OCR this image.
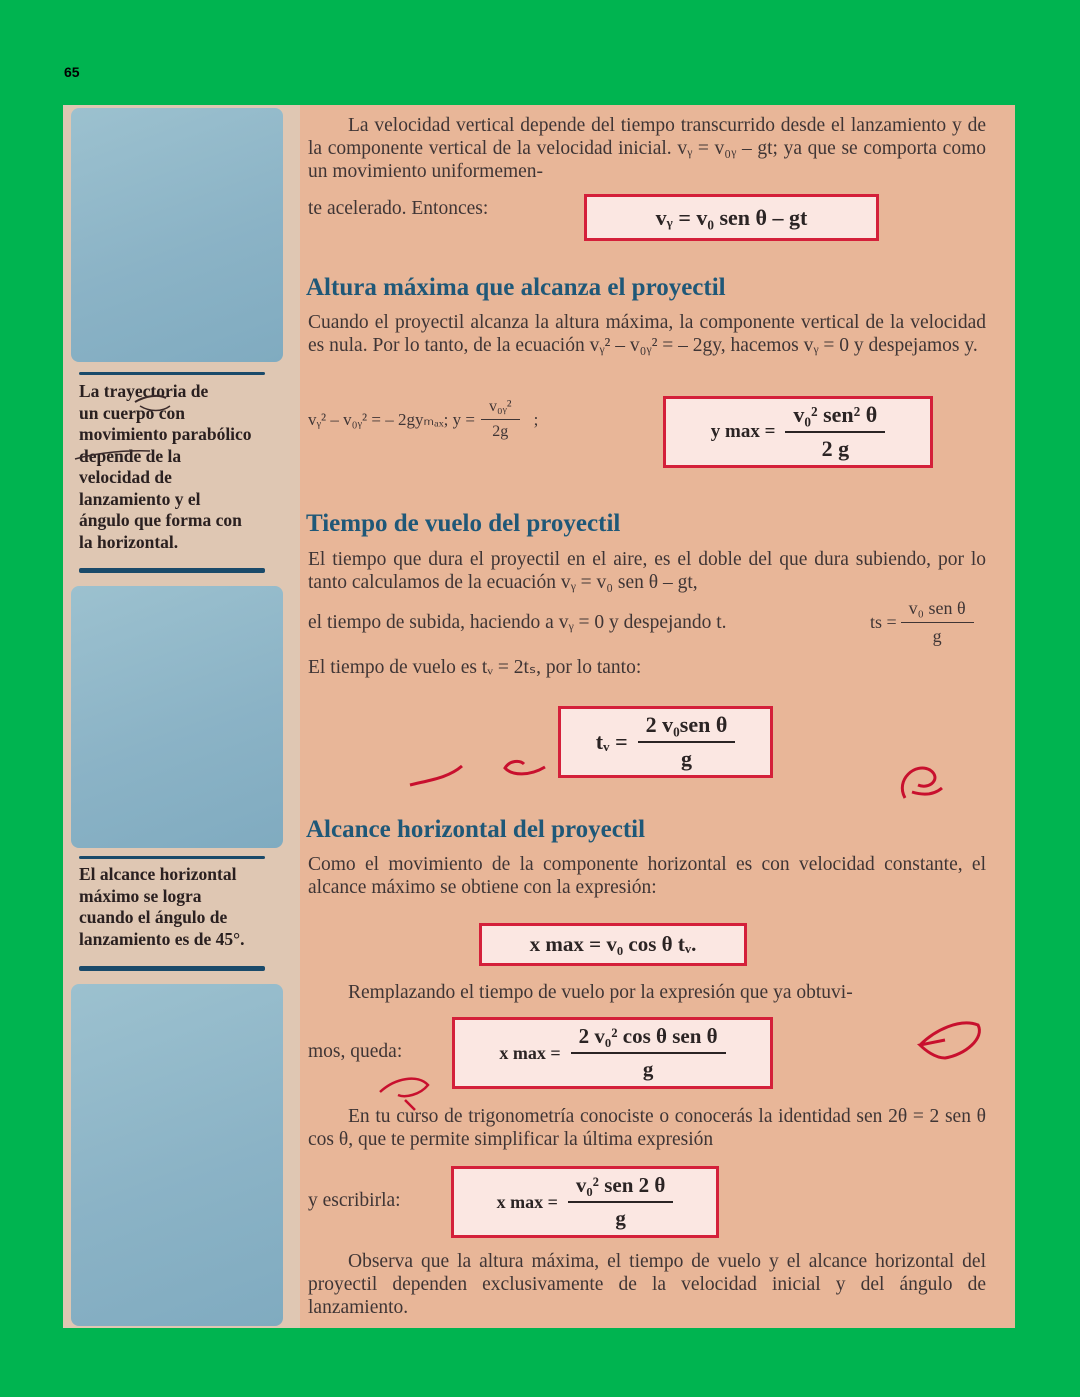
65
La trayectoria de
un cuerpo con
movimiento parabólico
depende de la
velocidad de
lanzamiento y el
ángulo que forma con
la horizontal.
El alcance horizontal
máximo se logra
cuando el ángulo de
lanzamiento es de 45°.
La velocidad vertical depende del tiempo transcurrido desde el lanzamiento y de la componente vertical de la velocidad inicial. vᵧ = v₀ᵧ – gt; ya que se comporta como un movimiento uniformemen-
te acelerado. Entonces:	vᵧ = v₀ sen θ – gt
Altura máxima que alcanza el proyectil
Cuando el proyectil alcanza la altura máxima, la componente vertical de la velocidad es nula. Por lo tanto, de la ecuación vᵧ² – v₀ᵧ² = – 2gy, hacemos vᵧ = 0 y despejamos y.
vᵧ² – v₀ᵧ² = – 2gyₘₐₓ; $y = \frac{\text{v₀ᵧ²}}{2g}$ ;
y $\max = \frac{\text{v₀² sen² θ}}{2 g}$
Tiempo de vuelo del proyectil
El tiempo que dura el proyectil en el aire, es el doble del que dura subiendo, por lo tanto calculamos de la ecuación vᵧ = v₀ sen θ – gt,
el tiempo de subida, haciendo a vᵧ = 0 y despejando t.	ts = $\frac{\text{v₀ sen θ}}{g}$
El tiempo de vuelo es tᵥ = 2tₛ, por lo tanto:
tᵥ = $\frac{\text{2 v₀sen θ}}{g}$
Alcance horizontal del proyectil
Como el movimiento de la componente horizontal es con velocidad constante, el alcance máximo se obtiene con la expresión:
x max = v₀ cos θ tᵥ.
Remplazando el tiempo de vuelo por la expresión que ya obtuvi-
mos, queda:	x $\max = \frac{\text{2 v₀² cos θ sen θ}}{g}$
En tu curso de trigonometría conociste o conocerás la identidad sen 2θ = 2 sen θ cos θ, que te permite simplificar la última expresión
y escribirla:	x $\max = \frac{\text{v₀² sen 2 θ}}{g}$
Observa que la altura máxima, el tiempo de vuelo y el alcance horizontal del proyectil dependen exclusivamente de la velocidad inicial y del ángulo de lanzamiento.
